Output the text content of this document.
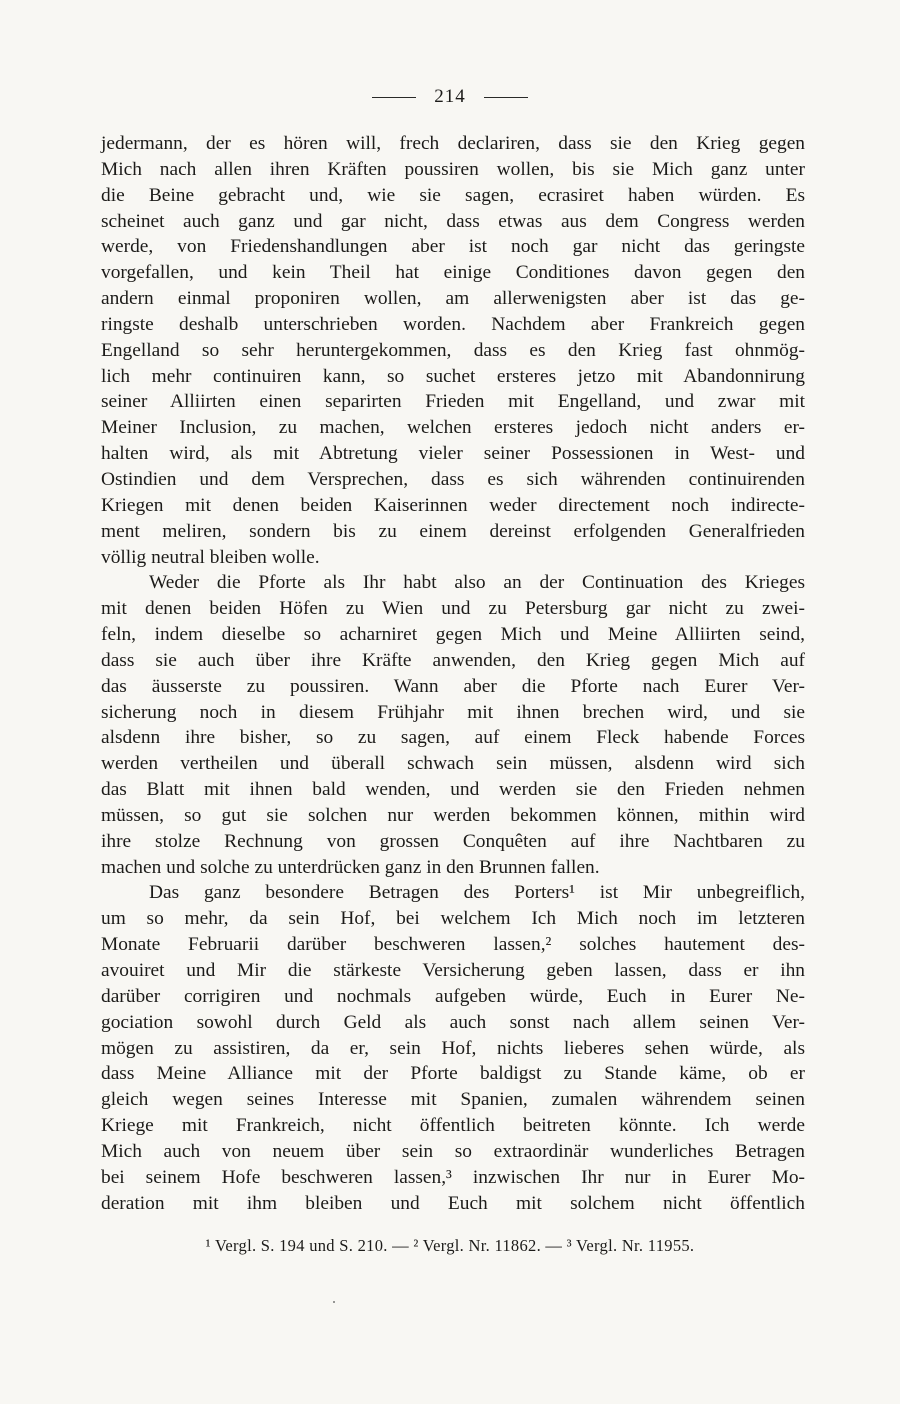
214
jedermann, der es hören will, frech declariren, dass sie den Krieg gegen
Mich nach allen ihren Kräften poussiren wollen, bis sie Mich ganz unter
die Beine gebracht und, wie sie sagen, ecrasiret haben würden. Es
scheinet auch ganz und gar nicht, dass etwas aus dem Congress werden
werde, von Friedenshandlungen aber ist noch gar nicht das geringste
vorgefallen, und kein Theil hat einige Conditiones davon gegen den
andern einmal proponiren wollen, am allerwenigsten aber ist das ge-
ringste deshalb unterschrieben worden. Nachdem aber Frankreich gegen
Engelland so sehr heruntergekommen, dass es den Krieg fast ohnmög-
lich mehr continuiren kann, so suchet ersteres jetzo mit Abandonnirung
seiner Alliirten einen separirten Frieden mit Engelland, und zwar mit
Meiner Inclusion, zu machen, welchen ersteres jedoch nicht anders er-
halten wird, als mit Abtretung vieler seiner Possessionen in West- und
Ostindien und dem Versprechen, dass es sich währenden continuirenden
Kriegen mit denen beiden Kaiserinnen weder directement noch indirecte-
ment meliren, sondern bis zu einem dereinst erfolgenden Generalfrieden
völlig neutral bleiben wolle.
Weder die Pforte als Ihr habt also an der Continuation des Krieges
mit denen beiden Höfen zu Wien und zu Petersburg gar nicht zu zwei-
feln, indem dieselbe so acharniret gegen Mich und Meine Alliirten seind,
dass sie auch über ihre Kräfte anwenden, den Krieg gegen Mich auf
das äusserste zu poussiren. Wann aber die Pforte nach Eurer Ver-
sicherung noch in diesem Frühjahr mit ihnen brechen wird, und sie
alsdenn ihre bisher, so zu sagen, auf einem Fleck habende Forces
werden vertheilen und überall schwach sein müssen, alsdenn wird sich
das Blatt mit ihnen bald wenden, und werden sie den Frieden nehmen
müssen, so gut sie solchen nur werden bekommen können, mithin wird
ihre stolze Rechnung von grossen Conquêten auf ihre Nachtbaren zu
machen und solche zu unterdrücken ganz in den Brunnen fallen.
Das ganz besondere Betragen des Porters¹ ist Mir unbegreiflich,
um so mehr, da sein Hof, bei welchem Ich Mich noch im letzteren
Monate Februarii darüber beschweren lassen,² solches hautement des-
avouiret und Mir die stärkeste Versicherung geben lassen, dass er ihn
darüber corrigiren und nochmals aufgeben würde, Euch in Eurer Ne-
gociation sowohl durch Geld als auch sonst nach allem seinen Ver-
mögen zu assistiren, da er, sein Hof, nichts lieberes sehen würde, als
dass Meine Alliance mit der Pforte baldigst zu Stande käme, ob er
gleich wegen seines Interesse mit Spanien, zumalen währendem seinen
Kriege mit Frankreich, nicht öffentlich beitreten könnte. Ich werde
Mich auch von neuem über sein so extraordinär wunderliches Betragen
bei seinem Hofe beschweren lassen,³ inzwischen Ihr nur in Eurer Mo-
deration mit ihm bleiben und Euch mit solchem nicht öffentlich
¹ Vergl. S. 194 und S. 210. — ² Vergl. Nr. 11862. — ³ Vergl. Nr. 11955.
